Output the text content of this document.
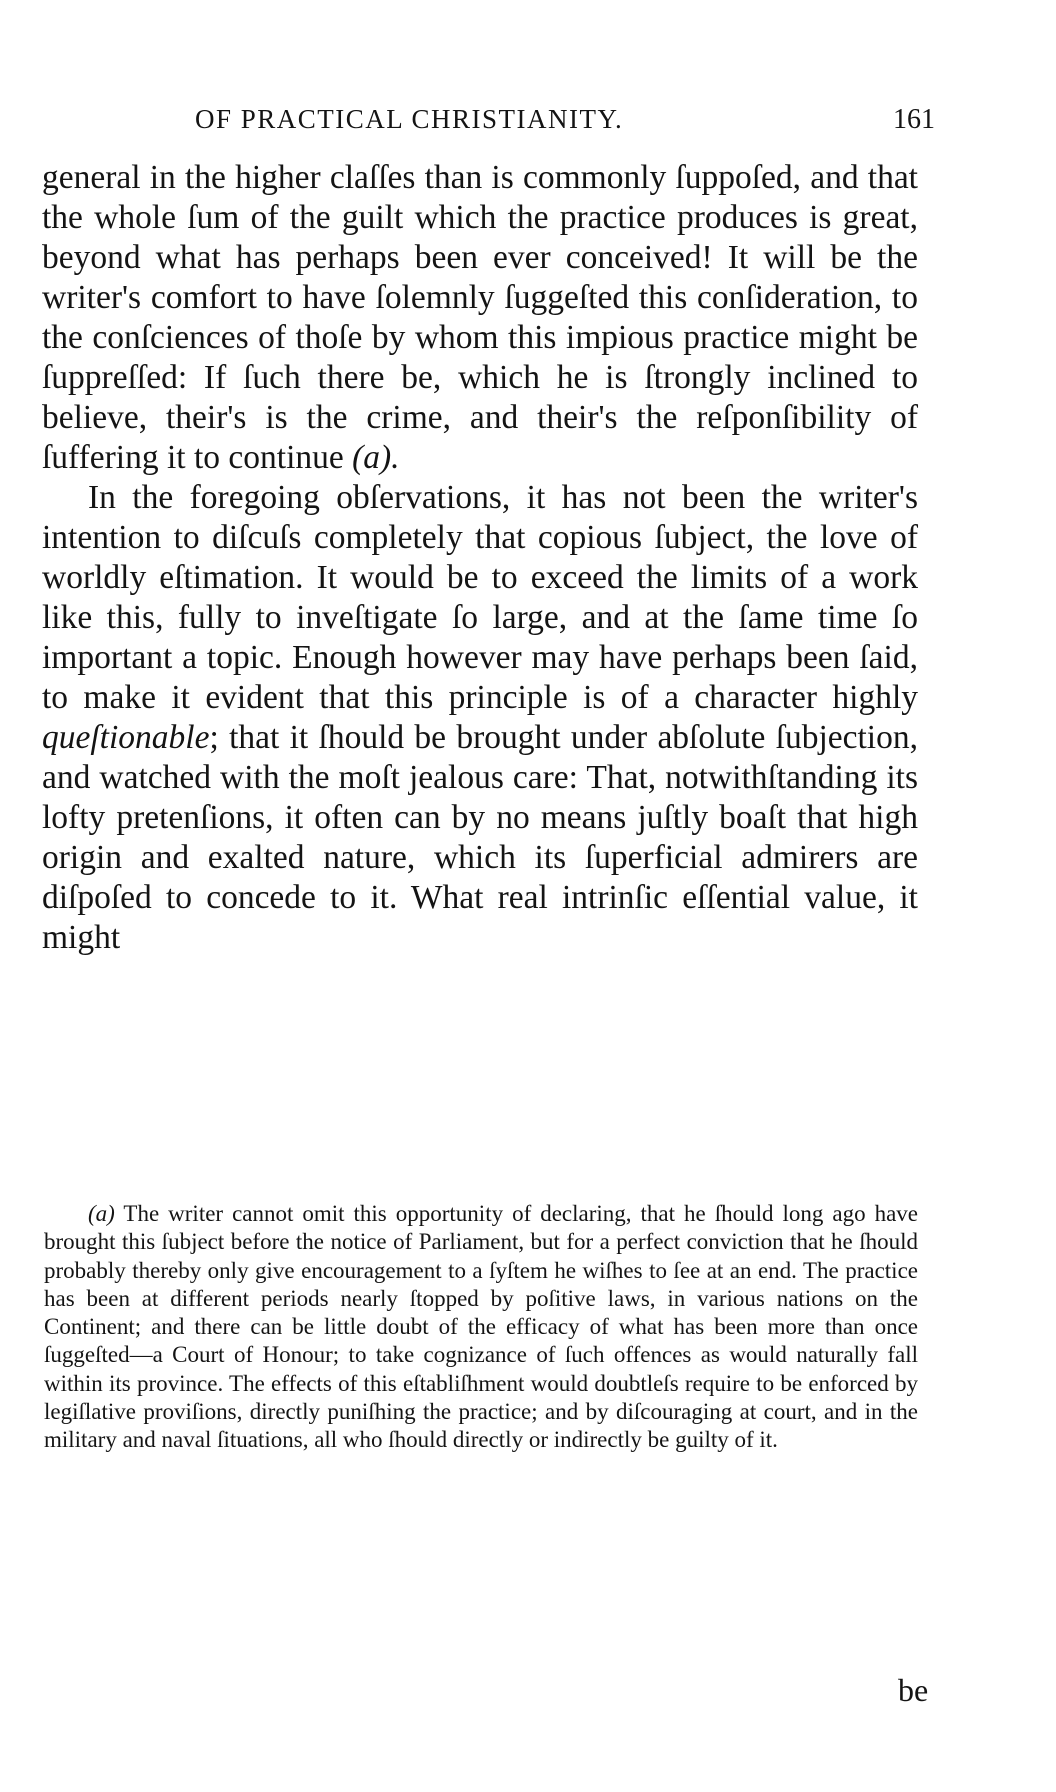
OF PRACTICAL CHRISTIANITY.	161

general in the higher claſſes than is commonly ſuppoſed, and that the whole ſum of the guilt which the practice produces is great, beyond what has perhaps been ever conceived! It will be the writer's comfort to have ſolemnly ſuggeſted this conſideration, to the conſciences of thoſe by whom this impious practice might be ſuppreſſed: If ſuch there be, which he is ſtrongly inclined to believe, their's is the crime, and their's the reſponſibility of ſuffering it to continue (a).

In the foregoing obſervations, it has not been the writer's intention to diſcuſs completely that copious ſubject, the love of worldly eſtimation. It would be to exceed the limits of a work like this, fully to inveſtigate ſo large, and at the ſame time ſo important a topic. Enough however may have perhaps been ſaid, to make it evident that this principle is of a character highly queſtionable; that it ſhould be brought under abſolute ſubjection, and watched with the moſt jealous care: That, notwithſtanding its lofty pretenſions, it often can by no means juſtly boaſt that high origin and exalted nature, which its ſuperficial admirers are diſpoſed to concede to it. What real intrinſic eſſential value, it might

(a) The writer cannot omit this opportunity of declaring, that he ſhould long ago have brought this ſubject before the notice of Parliament, but for a perfect conviction that he ſhould probably thereby only give encouragement to a ſyſtem he wiſhes to ſee at an end. The practice has been at different periods nearly ſtopped by poſitive laws, in various nations on the Continent; and there can be little doubt of the efficacy of what has been more than once ſuggeſted—a Court of Honour; to take cognizance of ſuch offences as would naturally fall within its province. The effects of this eſtabliſhment would doubtleſs require to be enforced by legiſlative proviſions, directly puniſhing the practice; and by diſcouraging at court, and in the military and naval ſituations, all who ſhould directly or indirectly be guilty of it.

be
